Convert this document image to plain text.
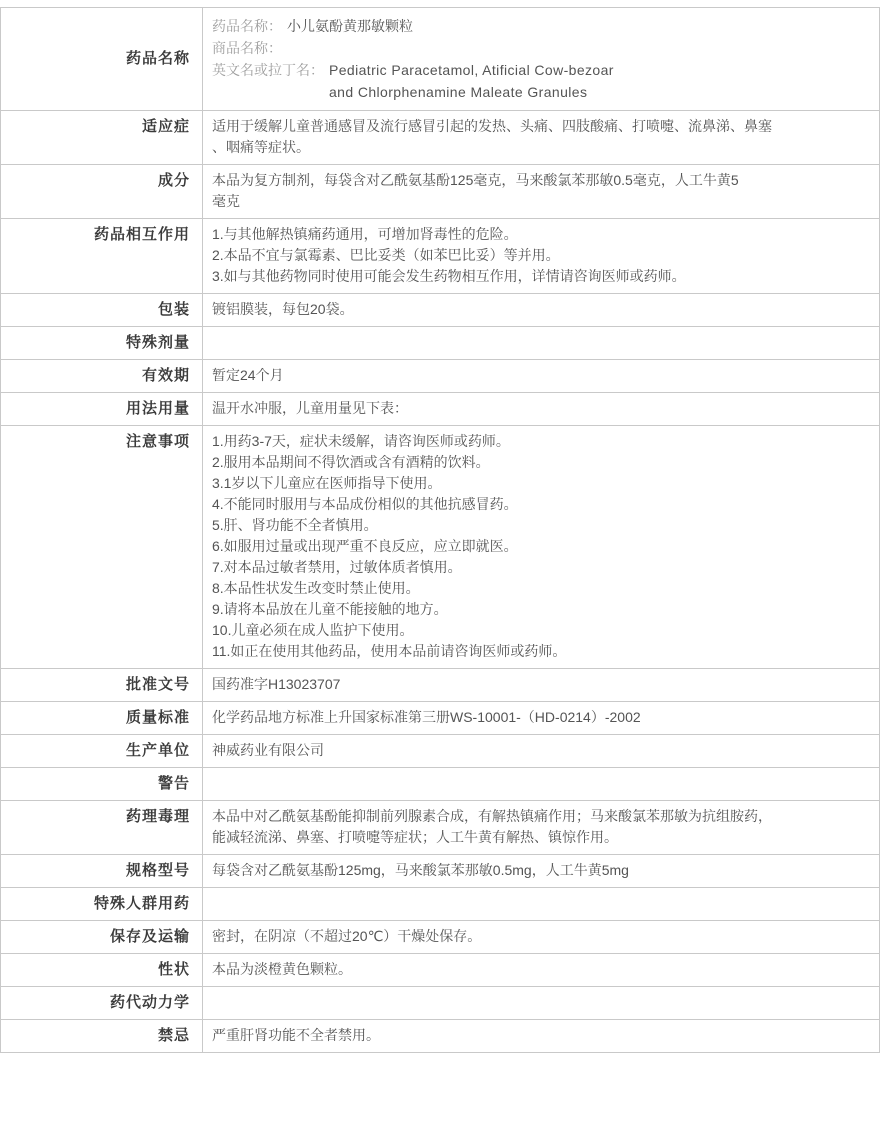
药品名称
药品名称： 小儿氨酚黄那敏颗粒
商品名称：
英文名或拉丁名： Pediatric Paracetamol, Atificial Cow-bezoar
and Chlorphenamine Maleate Granules
适应症	适用于缓解儿童普通感冒及流行感冒引起的发热、头痛、四肢酸痛、打喷嚏、流鼻涕、鼻塞
、咽痛等症状。
成分	本品为复方制剂，每袋含对乙酰氨基酚125毫克，马来酸氯苯那敏0.5毫克，人工牛黄5
毫克
药品相互作用	1.与其他解热镇痛药通用，可增加肾毒性的危险。
2.本品不宜与氯霉素、巴比妥类（如苯巴比妥）等并用。
3.如与其他药物同时使用可能会发生药物相互作用，详情请咨询医师或药师。
包装	镀铝膜装，每包20袋。
特殊剂量
有效期	暂定24个月
用法用量	温开水冲服，儿童用量见下表：
注意事项	1.用药3-7天，症状未缓解，请咨询医师或药师。
2.服用本品期间不得饮酒或含有酒精的饮料。
3.1岁以下儿童应在医师指导下使用。
4.不能同时服用与本品成份相似的其他抗感冒药。
5.肝、肾功能不全者慎用。
6.如服用过量或出现严重不良反应，应立即就医。
7.对本品过敏者禁用，过敏体质者慎用。
8.本品性状发生改变时禁止使用。
9.请将本品放在儿童不能接触的地方。
10.儿童必须在成人监护下使用。
11.如正在使用其他药品，使用本品前请咨询医师或药师。
批准文号	国药准字H13023707
质量标准	化学药品地方标准上升国家标准第三册WS-10001-（HD-0214）-2002
生产单位	神威药业有限公司
警告
药理毒理	本品中对乙酰氨基酚能抑制前列腺素合成，有解热镇痛作用；马来酸氯苯那敏为抗组胺药，
能减轻流涕、鼻塞、打喷嚏等症状；人工牛黄有解热、镇惊作用。
规格型号	每袋含对乙酰氨基酚125mg，马来酸氯苯那敏0.5mg，人工牛黄5mg
特殊人群用药
保存及运输	密封，在阴凉（不超过20℃）干燥处保存。
性状	本品为淡橙黄色颗粒。
药代动力学
禁忌	严重肝肾功能不全者禁用。
